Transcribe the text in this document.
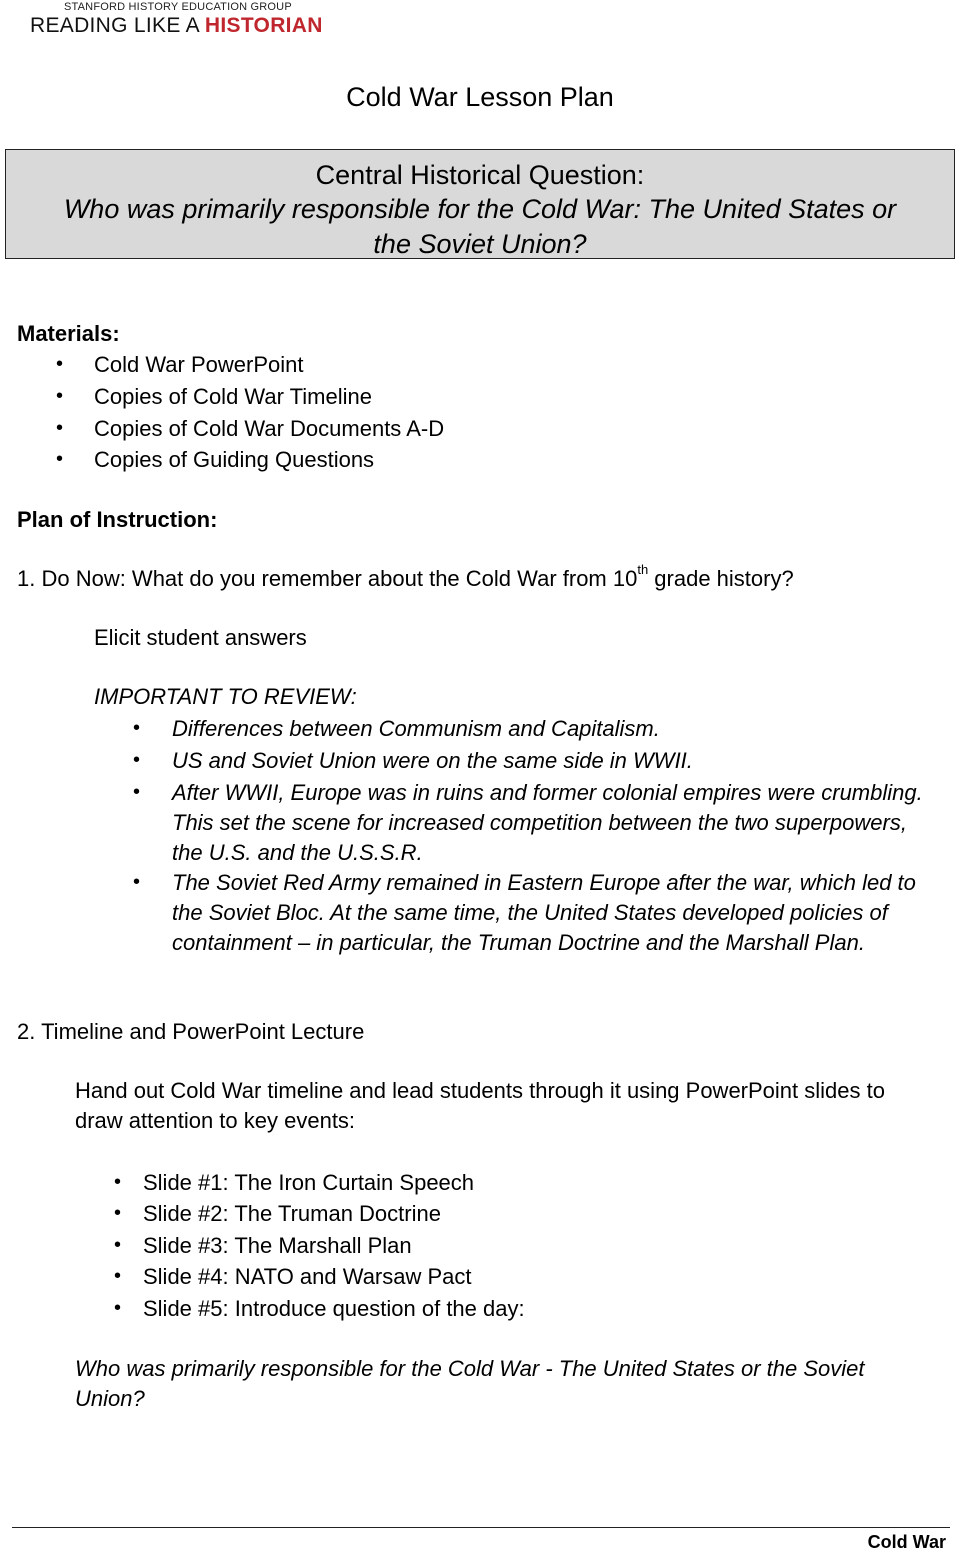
STANFORD HISTORY EDUCATION GROUP
READING LIKE A HISTORIAN
Cold War Lesson Plan
Central Historical Question:
Who was primarily responsible for the Cold War: The United States or
the Soviet Union?
Materials:
• Cold War PowerPoint
• Copies of Cold War Timeline
• Copies of Cold War Documents A-D
• Copies of Guiding Questions
Plan of Instruction:
1. Do Now: What do you remember about the Cold War from 10th grade history?
Elicit student answers
IMPORTANT TO REVIEW:
• Differences between Communism and Capitalism.
• US and Soviet Union were on the same side in WWII.
• After WWII, Europe was in ruins and former colonial empires were crumbling. This set the scene for increased competition between the two superpowers, the U.S. and the U.S.S.R.
• The Soviet Red Army remained in Eastern Europe after the war, which led to the Soviet Bloc. At the same time, the United States developed policies of containment – in particular, the Truman Doctrine and the Marshall Plan.
2. Timeline and PowerPoint Lecture
Hand out Cold War timeline and lead students through it using PowerPoint slides to draw attention to key events:
• Slide #1: The Iron Curtain Speech
• Slide #2: The Truman Doctrine
• Slide #3: The Marshall Plan
• Slide #4: NATO and Warsaw Pact
• Slide #5: Introduce question of the day:
Who was primarily responsible for the Cold War - The United States or the Soviet Union?
Cold War
